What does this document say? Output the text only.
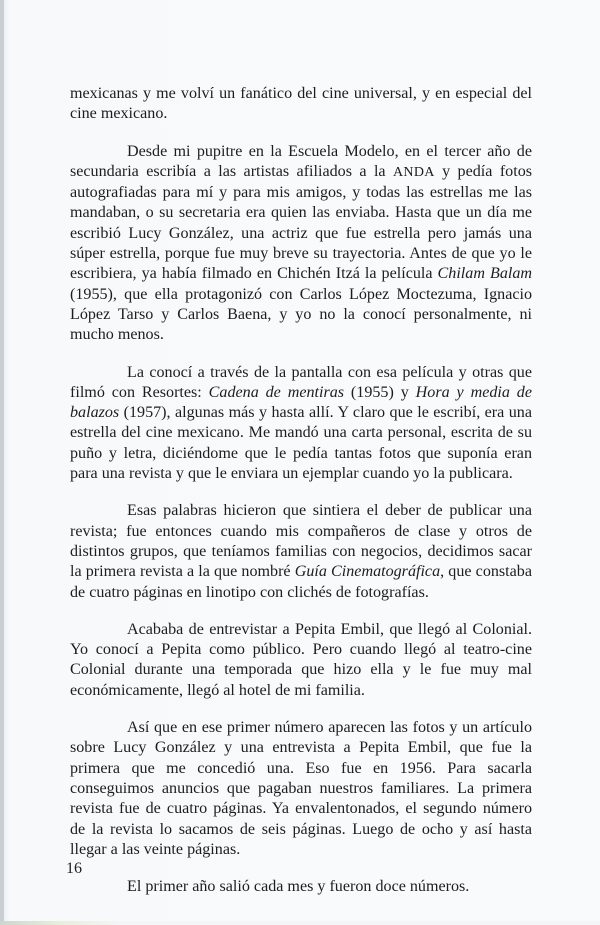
mexicanas y me volví un fanático del cine universal, y en especial del cine mexicano.

Desde mi pupitre en la Escuela Modelo, en el tercer año de secundaria escribía a las artistas afiliados a la ANDA y pedía fotos autografiadas para mí y para mis amigos, y todas las estrellas me las mandaban, o su secretaria era quien las enviaba. Hasta que un día me escribió Lucy González, una actriz que fue estrella pero jamás una súper estrella, porque fue muy breve su trayectoria. Antes de que yo le escribiera, ya había filmado en Chichén Itzá la película Chilam Balam (1955), que ella protagonizó con Carlos López Moctezuma, Ignacio López Tarso y Carlos Baena, y yo no la conocí personalmente, ni mucho menos.

La conocí a través de la pantalla con esa película y otras que filmó con Resortes: Cadena de mentiras (1955) y Hora y media de balazos (1957), algunas más y hasta allí. Y claro que le escribí, era una estrella del cine mexicano. Me mandó una carta personal, escrita de su puño y letra, diciéndome que le pedía tantas fotos que suponía eran para una revista y que le enviara un ejemplar cuando yo la publicara.

Esas palabras hicieron que sintiera el deber de publicar una revista; fue entonces cuando mis compañeros de clase y otros de distintos grupos, que teníamos familias con negocios, decidimos sacar la primera revista a la que nombré Guía Cinematográfica, que constaba de cuatro páginas en linotipo con clichés de fotografías.

Acababa de entrevistar a Pepita Embil, que llegó al Colonial. Yo conocí a Pepita como público. Pero cuando llegó al teatro-cine Colonial durante una temporada que hizo ella y le fue muy mal económicamente, llegó al hotel de mi familia.

Así que en ese primer número aparecen las fotos y un artículo sobre Lucy González y una entrevista a Pepita Embil, que fue la primera que me concedió una. Eso fue en 1956. Para sacarla conseguimos anuncios que pagaban nuestros familiares. La primera revista fue de cuatro páginas. Ya envalentonados, el segundo número de la revista lo sacamos de seis páginas. Luego de ocho y así hasta llegar a las veinte páginas.

El primer año salió cada mes y fueron doce números.

16
